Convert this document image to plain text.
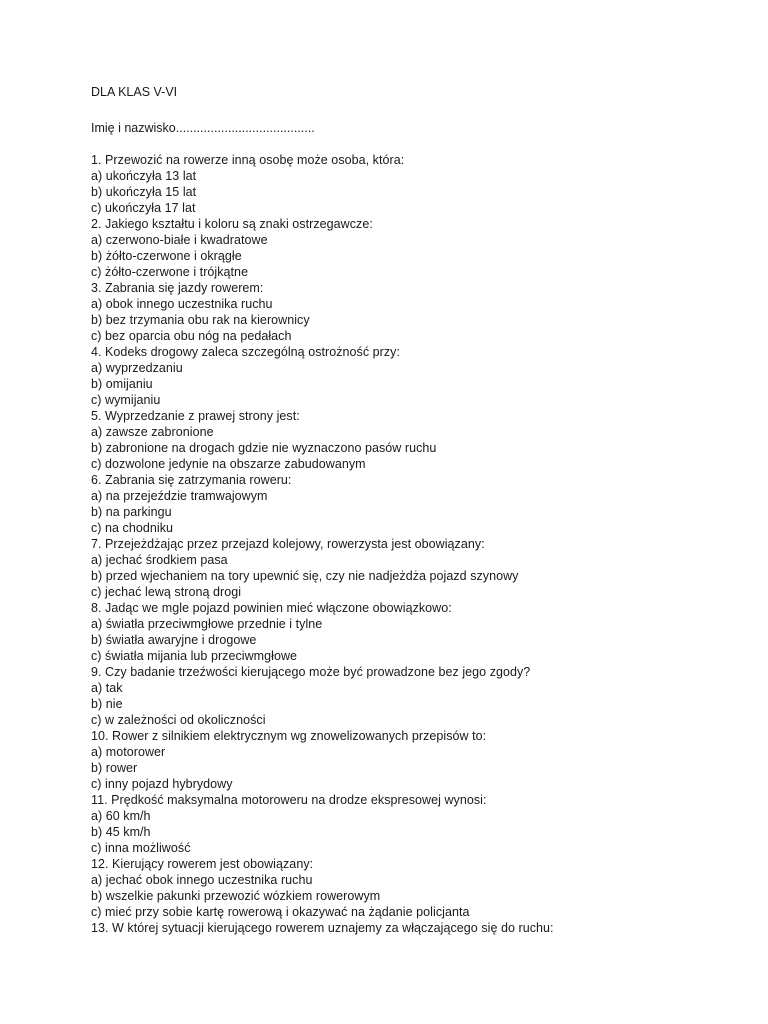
DLA KLAS V-VI
Imię i nazwisko........................................
1. Przewozić na rowerze inną osobę może osoba, która:
a) ukończyła 13 lat
b) ukończyła 15 lat
c) ukończyła 17 lat
2. Jakiego kształtu i koloru są znaki ostrzegawcze:
a) czerwono-białe i kwadratowe
b) żółto-czerwone i okrągłe
c) żółto-czerwone i trójkątne
3. Zabrania się jazdy rowerem:
a) obok innego uczestnika ruchu
b) bez trzymania obu rak na kierownicy
c) bez oparcia obu nóg na pedałach
4. Kodeks drogowy zaleca szczególną ostrożność przy:
a) wyprzedzaniu
b) omijaniu
c) wymijaniu
5. Wyprzedzanie z prawej strony jest:
a) zawsze zabronione
b) zabronione na drogach gdzie nie wyznaczono pasów ruchu
c) dozwolone jedynie na obszarze zabudowanym
6. Zabrania się zatrzymania roweru:
a) na przejeździe tramwajowym
b) na parkingu
c) na chodniku
7. Przejeżdżając przez przejazd kolejowy, rowerzysta jest obowiązany:
a) jechać środkiem pasa
b) przed wjechaniem na tory upewnić się, czy nie nadjeżdża pojazd szynowy
c) jechać lewą stroną drogi
8. Jadąc we mgle pojazd powinien mieć włączone obowiązkowo:
a) światła przeciwmgłowe przednie i tylne
b) światła awaryjne i drogowe
c) światła mijania lub przeciwmgłowe
9. Czy badanie trzeźwości kierującego może być prowadzone bez jego zgody?
a) tak
b) nie
c) w zależności od okoliczności
10. Rower z silnikiem elektrycznym wg znowelizowanych przepisów to:
a) motorower
b) rower
c) inny pojazd hybrydowy
11. Prędkość maksymalna motoroweru na drodze ekspresowej wynosi:
a) 60 km/h
b) 45 km/h
c) inna możliwość
12. Kierujący rowerem jest obowiązany:
a) jechać obok innego uczestnika ruchu
b) wszelkie pakunki przewozić wózkiem rowerowym
c) mieć przy sobie kartę rowerową i okazywać na żądanie policjanta
13. W której sytuacji kierującego rowerem uznajemy za włączającego się do ruchu:
